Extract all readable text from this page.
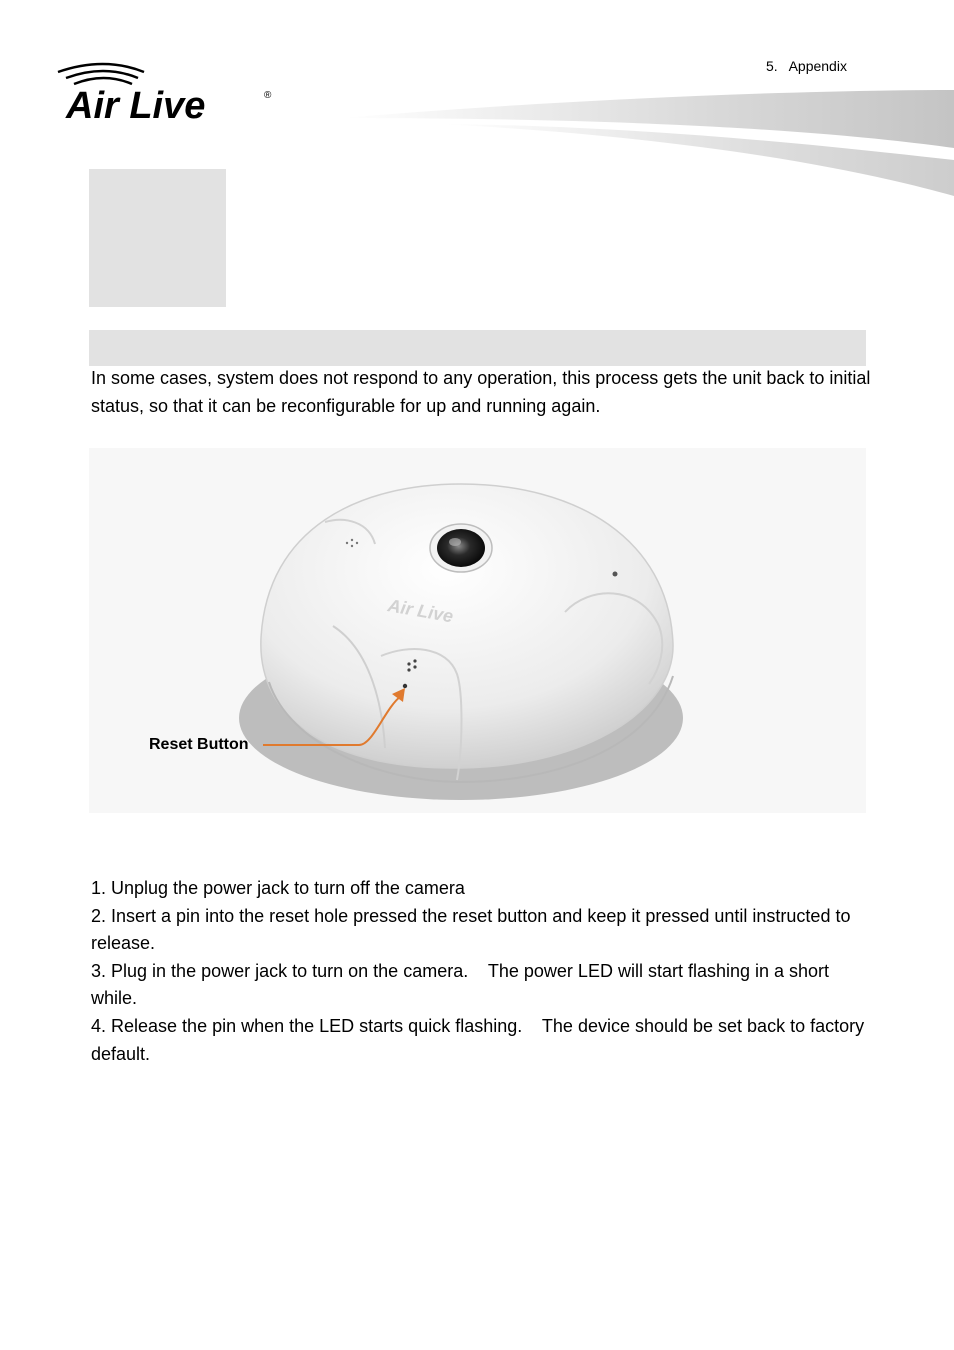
5.   Appendix
Air Live	®

In some cases, system does not respond to any operation, this process gets the unit back to initial status, so that it can be reconfigurable for up and running again.

Air Live
Reset Button

1. Unplug the power jack to turn off the camera

2. Insert a pin into the reset hole pressed the reset button and keep it pressed until instructed to release.

3. Plug in the power jack to turn on the camera.    The power LED will start flashing in a short while.

4. Release the pin when the LED starts quick flashing.    The device should be set back to factory default.
